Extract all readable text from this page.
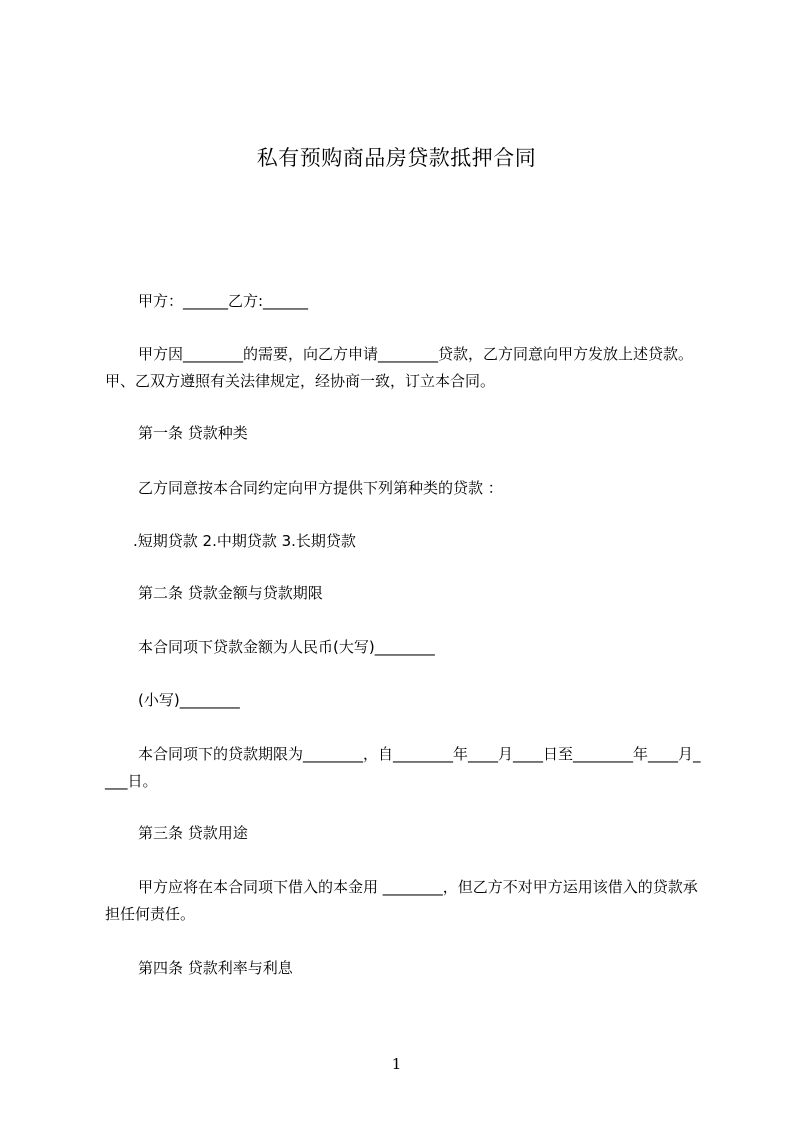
私有预购商品房贷款抵押合同

甲方：______乙方:______

甲方因________的需要，向乙方申请________贷款，乙方同意向甲方发放上述贷款。甲、乙双方遵照有关法律规定，经协商一致，订立本合同。

第一条 贷款种类

乙方同意按本合同约定向甲方提供下列第种类的贷款 ：

.短期贷款 2.中期贷款 3.长期贷款

第二条 贷款金额与贷款期限

本合同项下贷款金额为人民币(大写)________

(小写)________

本合同项下的贷款期限为________，自________年____月____日至________年____月____日。

第三条 贷款用途

甲方应将在本合同项下借入的本金用 ________，但乙方不对甲方运用该借入的贷款承担任何责任。

第四条 贷款利率与利息

1
